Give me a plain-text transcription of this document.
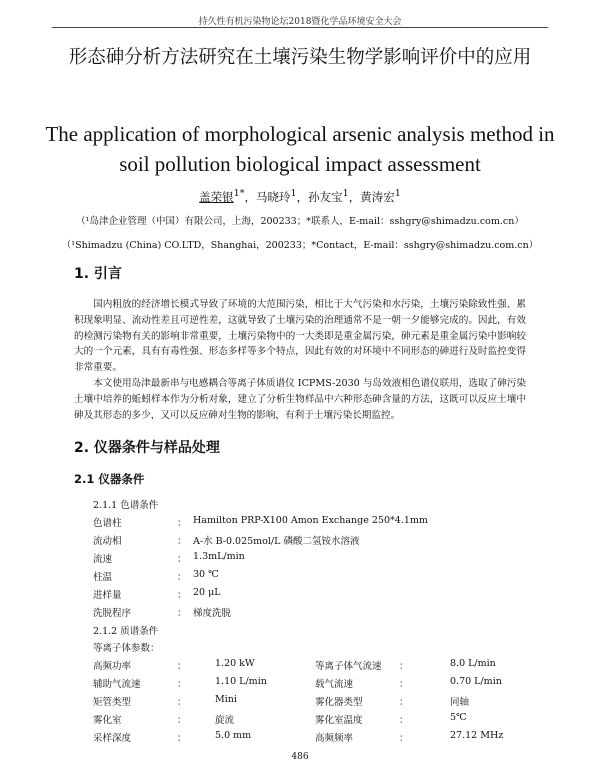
持久性有机污染物论坛2018暨化学品环境安全大会
形态砷分析方法研究在土壤污染生物学影响评价中的应用
The application of morphological arsenic analysis method in soil pollution biological impact assessment
盖荣银$^{1*}$，马晓玲$^1$，孙友宝$^1$，黄涛宏$^1$
（¹岛津企业管理（中国）有限公司，上海，200233；*联系人，E-mail：sshgry@shimadzu.com.cn）
（¹Shimadzu (China) CO.LTD，Shanghai，200233；*Contact，E-mail：sshgry@shimadzu.com.cn）
1. 引言

国内粗放的经济增长模式导致了环境的大范围污染，相比于大气污染和水污染，土壤污染除致性强、累积现象明显、流动性差且可逆性差，这就导致了土壤污染的治理通常不是一朝一夕能够完成的。因此，有效的检测污染物有关的影响非常重要，土壤污染物中的一大类即是重金属污染，砷元素是重金属污染中影响较大的一个元素，具有有毒性强、形态多样等多个特点，因此有效的对环境中不同形态的砷进行及时监控变得非常重要。

本文使用岛津最新串与电感耦合等离子体质谱仪 ICPMS-2030 与岛效液相色谱仪联用，选取了砷污染土壤中培养的蚯蚓样本作为分析对象，建立了分析生物样品中六种形态砷含量的方法，这既可以反应土壤中砷及其形态的多少，又可以反应砷对生物的影响，有利于土壤污染长期监控。

2. 仪器条件与样品处理
2.1 仪器条件
2.1.1 色谱条件
色谱柱	： Hamilton PRP-X100 Amon Exchange 250*4.1mm
流动相	： A-水 B-0.025mol/L 磷酸二氢铵水溶液
流速	： 1.3mL/min
柱温	： 30 ℃
进样量	： 20 μL
洗脱程序	： 梯度洗脱
2.1.2 质谱条件
等离子体参数：
高频功率	：	1.20 kW	等离子体气流速 ：	8.0 L/min
辅助气流速	：	1.10 L/min	载气流速	：	0.70 L/min
矩管类型	：	Mini	雾化器类型	：	同轴
雾化室	：	旋流	雾化室温度	：	5℃
采样深度	：	5.0 mm	高频频率	：	27.12 MHz
486
